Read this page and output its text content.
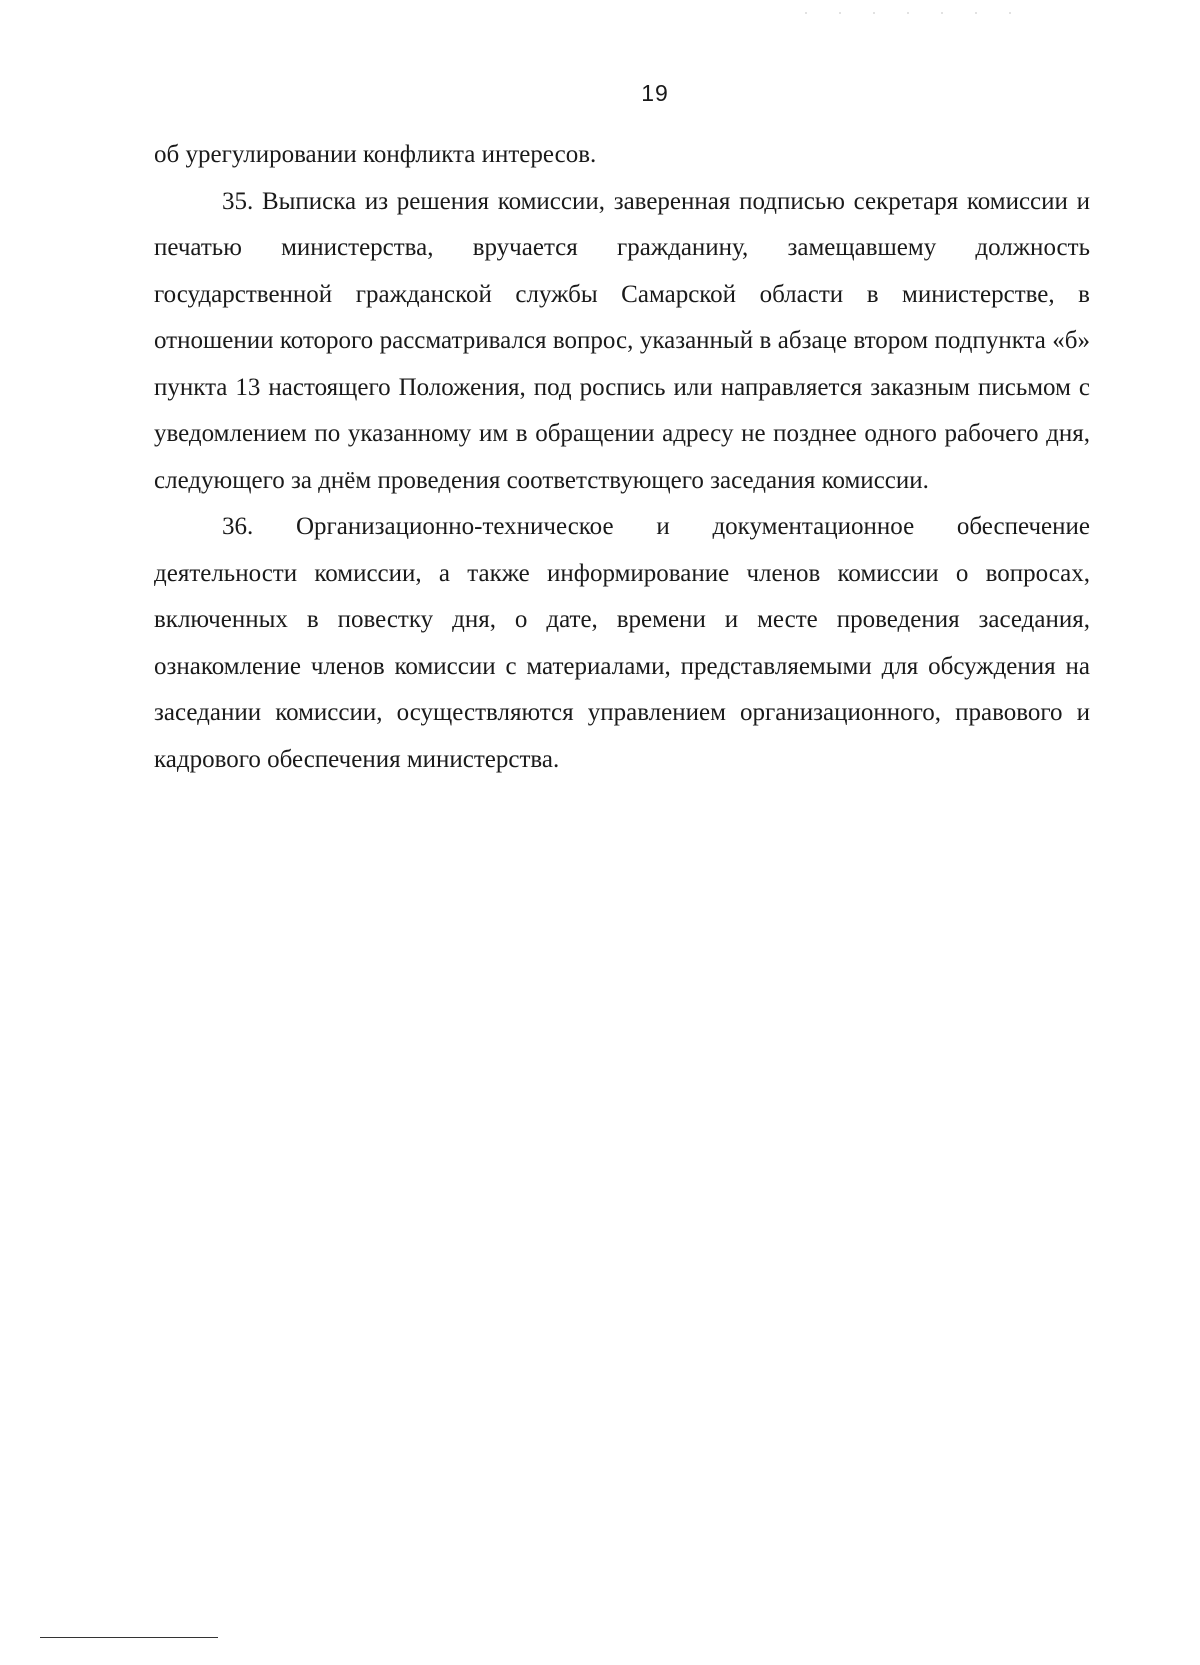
19

об урегулировании конфликта интересов.

35. Выписка из решения комиссии, заверенная подписью секретаря комиссии и печатью министерства, вручается гражданину, замещавшему должность государственной гражданской службы Самарской области в министерстве, в отношении которого рассматривался вопрос, указанный в абзаце втором подпункта «б» пункта 13 настоящего Положения, под роспись или направляется заказным письмом с уведомлением по указанному им в обращении адресу не позднее одного рабочего дня, следующего за днём проведения соответствующего заседания комиссии.

36. Организационно-техническое и документационное обеспечение деятельности комиссии, а также информирование членов комиссии о вопросах, включенных в повестку дня, о дате, времени и месте проведения заседания, ознакомление членов комиссии с материалами, представляемыми для обсуждения на заседании комиссии, осуществляются управлением организационного, правового и кадрового обеспечения министерства.
